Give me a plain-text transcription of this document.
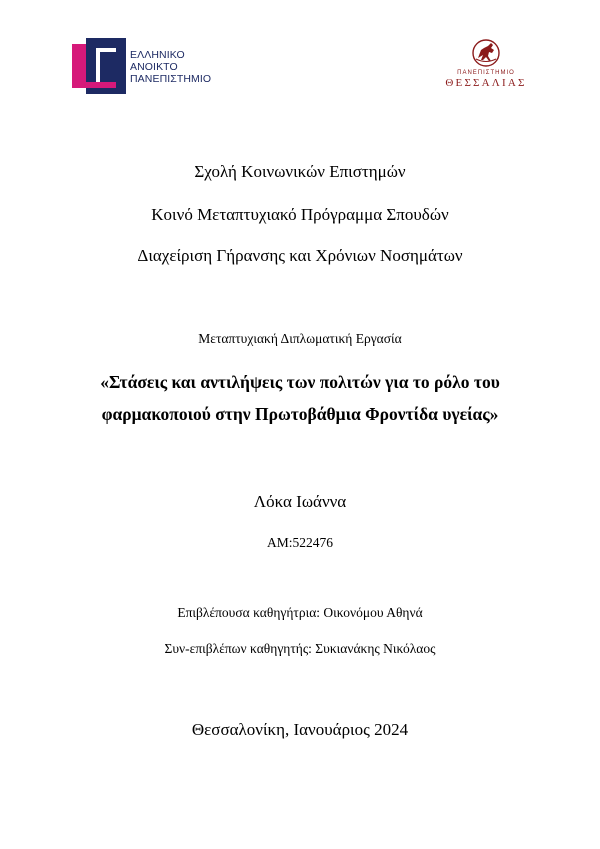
ΕΛΛΗΝΙΚΟ
ΑΝΟΙΚΤΟ
ΠΑΝΕΠΙΣΤΗΜΙΟ	ΠΑΝΕΠΙΣΤΗΜΙΟ
ΘΕΣΣΑΛΙΑΣ
Σχολή Κοινωνικών Επιστημών
Κοινό Μεταπτυχιακό Πρόγραμμα Σπουδών
Διαχείριση Γήρανσης και Χρόνιων Νοσημάτων
Μεταπτυχιακή Διπλωματική Εργασία
«Στάσεις και αντιλήψεις των πολιτών για το ρόλο του
φαρμακοποιού στην Πρωτοβάθμια Φροντίδα υγείας»
Λόκα Ιωάννα
ΑΜ:522476
Επιβλέπουσα καθηγήτρια: Οικονόμου Αθηνά
Συν-επιβλέπων καθηγητής: Συκιανάκης Νικόλαος
Θεσσαλονίκη, Ιανουάριος 2024
